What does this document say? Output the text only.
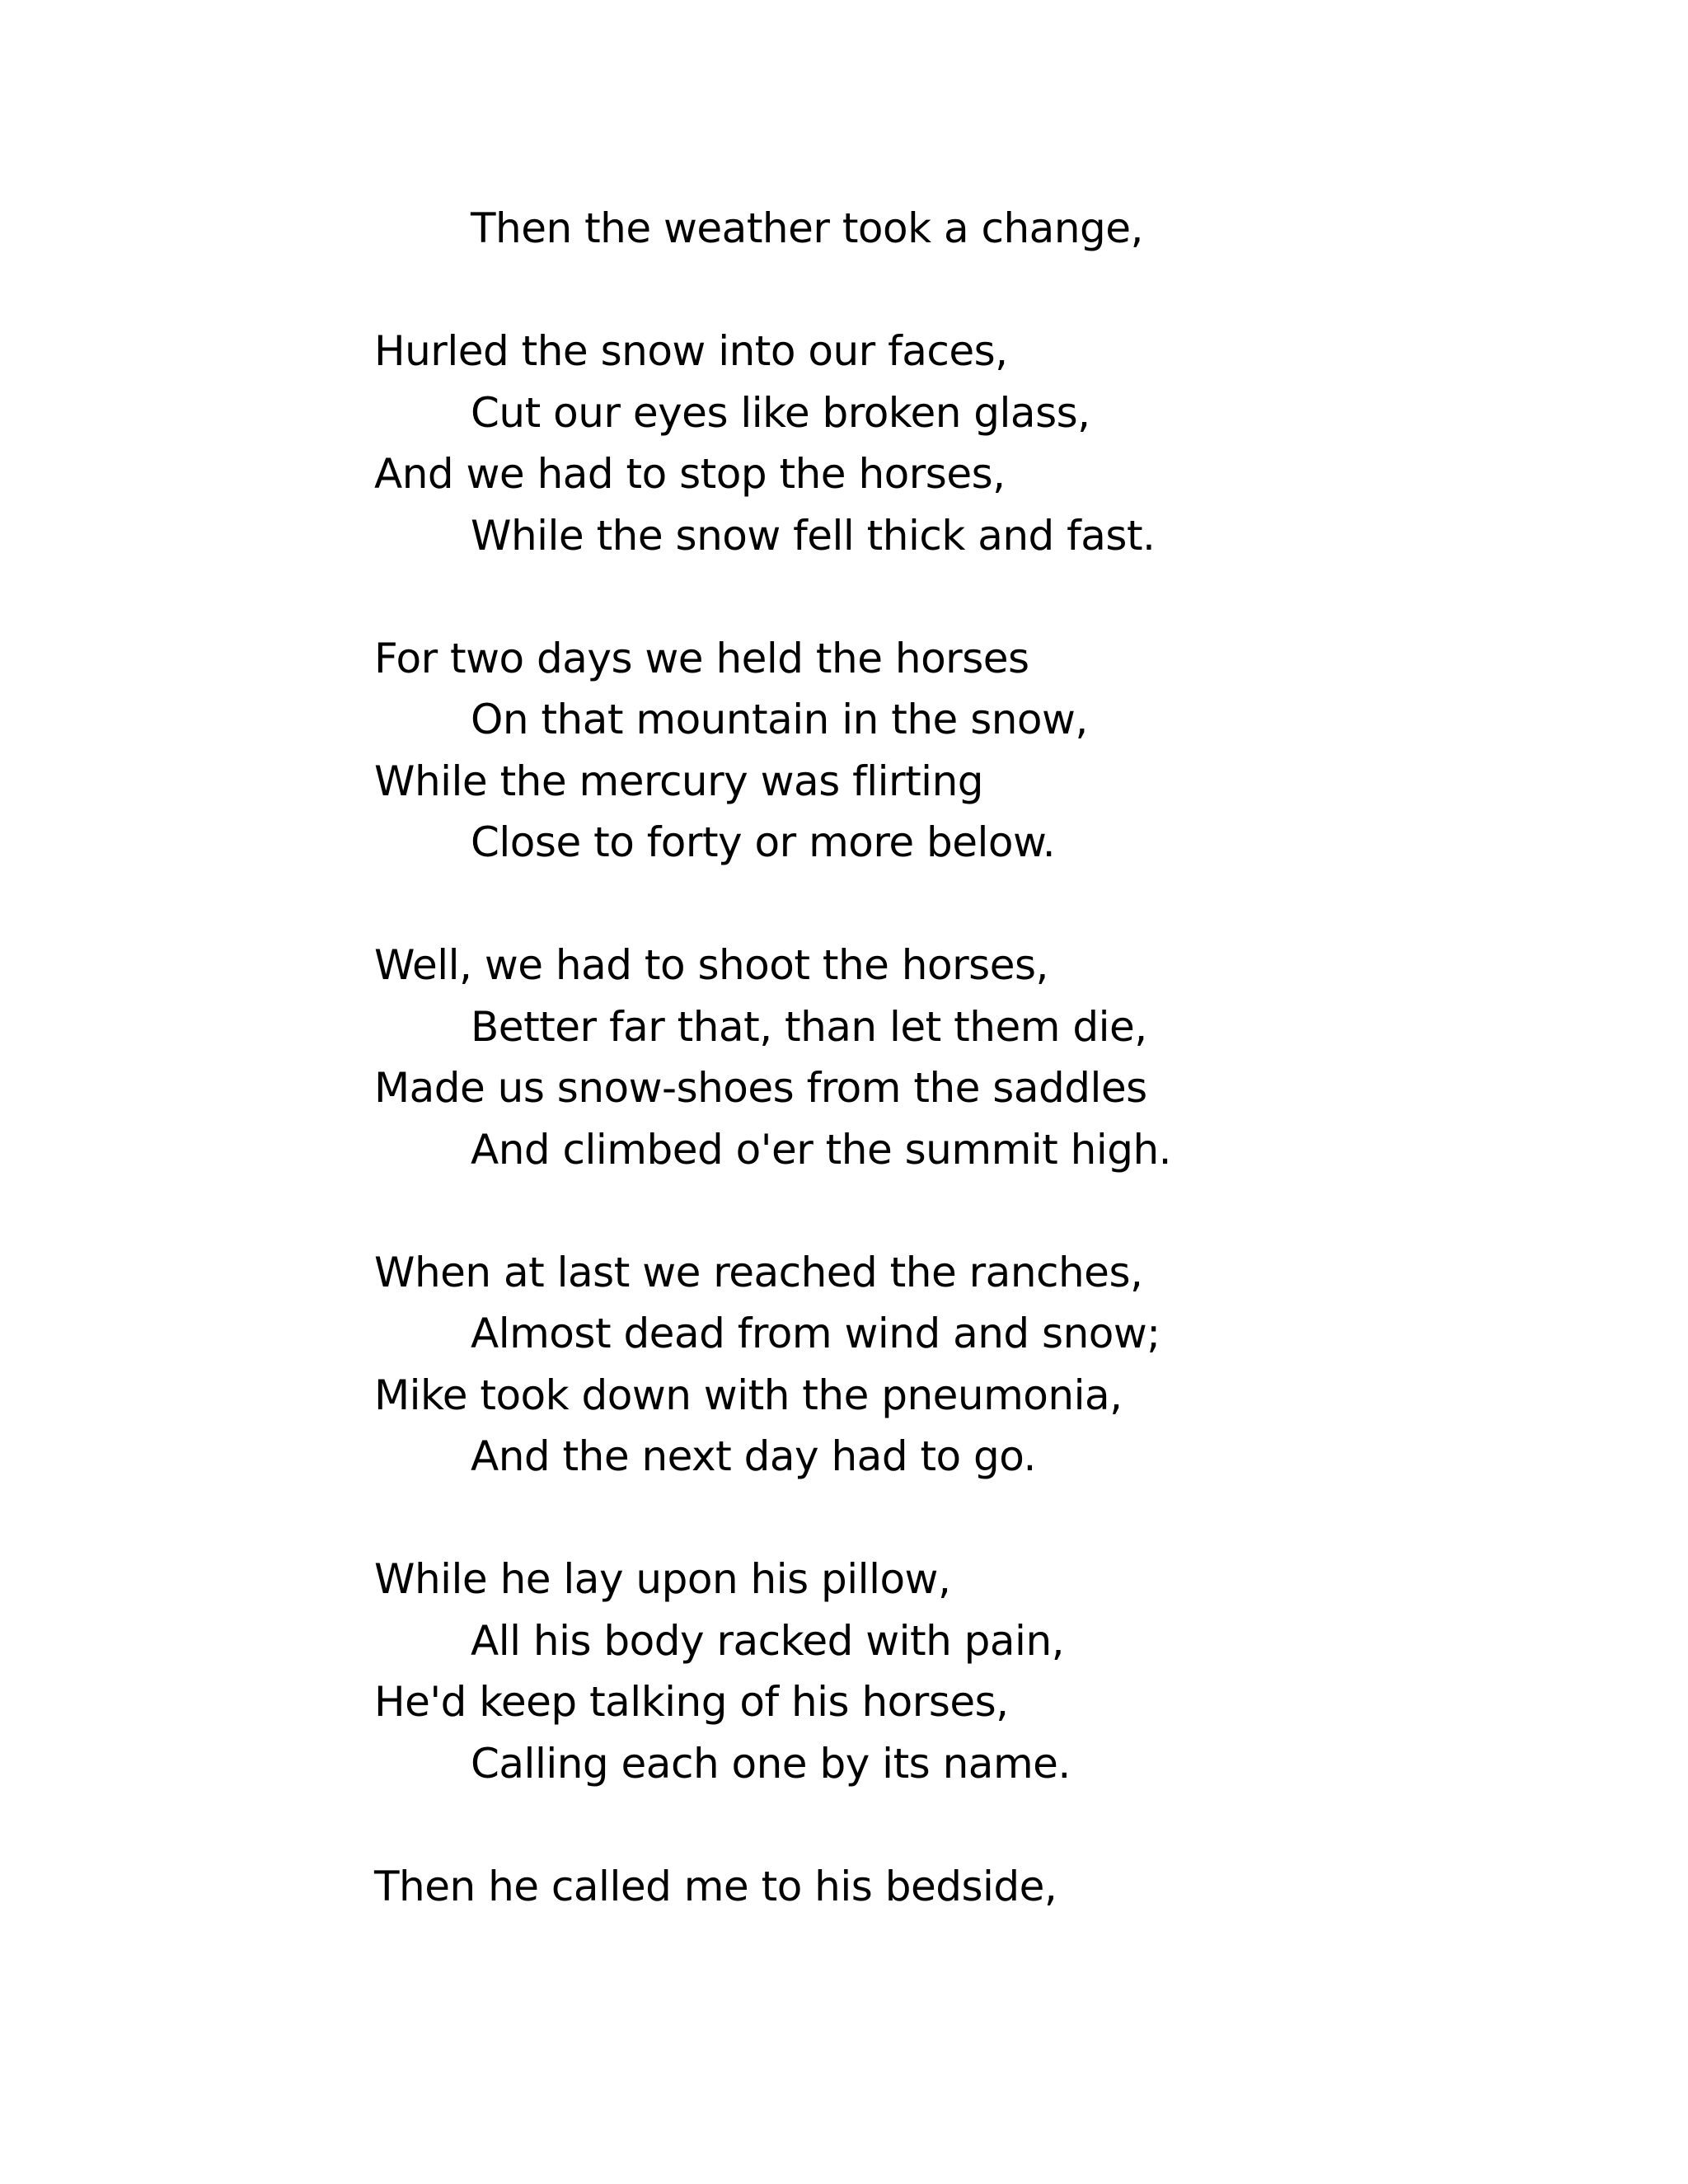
Then the weather took a change,
Hurled the snow into our faces,
Cut our eyes like broken glass,
And we had to stop the horses,
While the snow fell thick and fast.
For two days we held the horses
On that mountain in the snow,
While the mercury was flirting
Close to forty or more below.
Well, we had to shoot the horses,
Better far that, than let them die,
Made us snow-shoes from the saddles
And climbed o'er the summit high.
When at last we reached the ranches,
Almost dead from wind and snow;
Mike took down with the pneumonia,
And the next day had to go.
While he lay upon his pillow,
All his body racked with pain,
He'd keep talking of his horses,
Calling each one by its name.
Then he called me to his bedside,
